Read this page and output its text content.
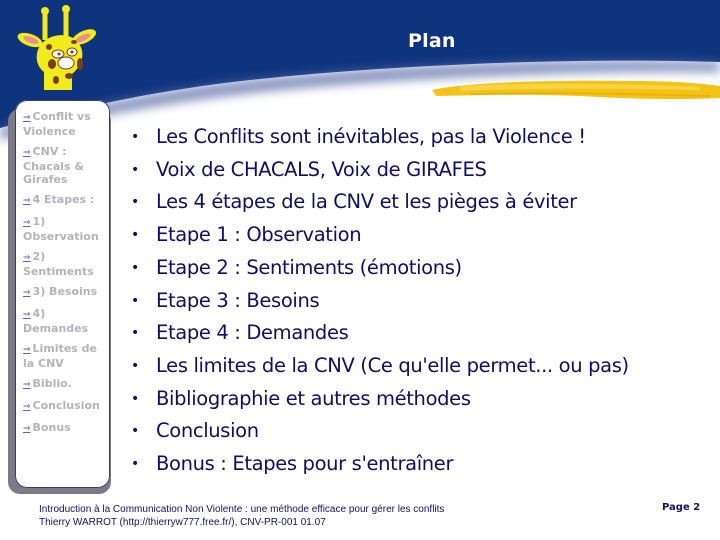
Plan
⇒ Conflit vs Violence
⇒ CNV : Chacals & Girafes
⇒ 4 Etapes :
⇒ 1) Observation
⇒ 2) Sentiments
⇒ 3) Besoins
⇒ 4) Demandes
⇒ Limites de la CNV
⇒ Biblio.
⇒ Conclusion
⇒ Bonus
• Les Conflits sont inévitables, pas la Violence !
• Voix de CHACALS, Voix de GIRAFES
• Les 4 étapes de la CNV et les pièges à éviter
• Etape 1 : Observation
• Etape 2 : Sentiments (émotions)
• Etape 3 : Besoins
• Etape 4 : Demandes
• Les limites de la CNV (Ce qu'elle permet... ou pas)
• Bibliographie et autres méthodes
• Conclusion
• Bonus : Etapes pour s'entraîner
Introduction à la Communication Non Violente : une méthode efficace pour gérer les conflits
Thierry WARROT (http://thierryw777.free.fr/), CNV-PR-001 01.07
Page 2
